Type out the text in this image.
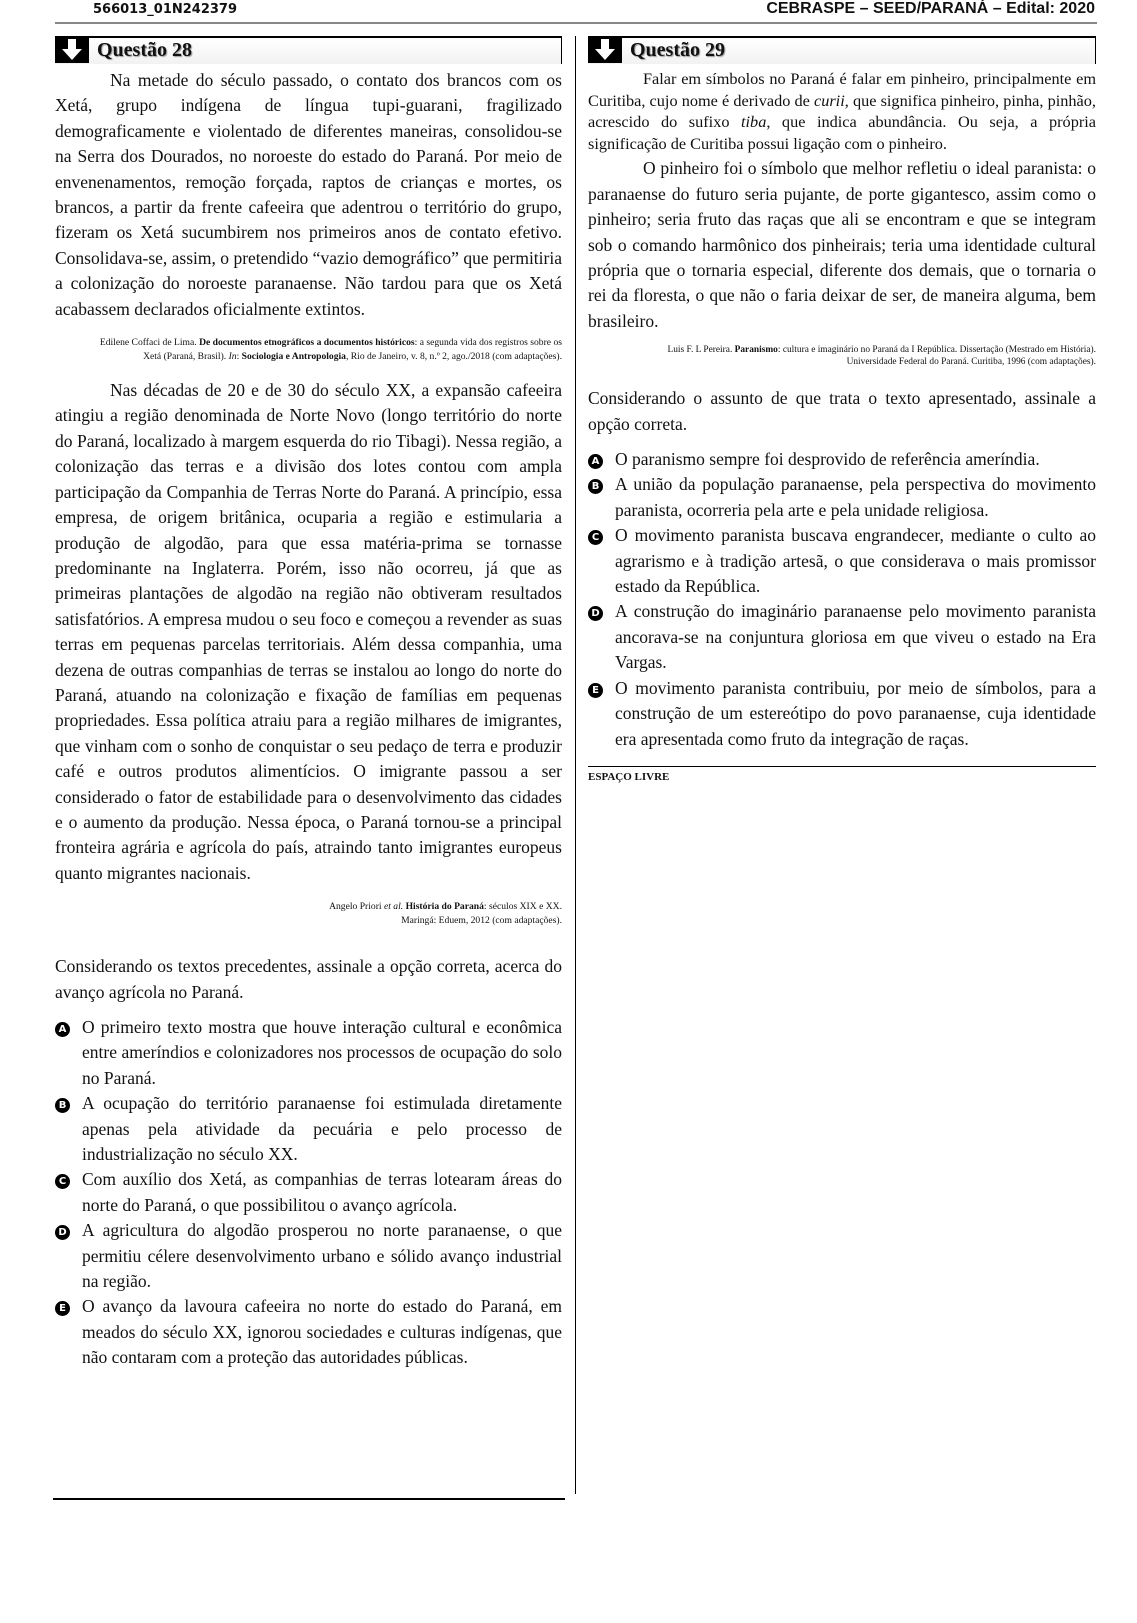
566013_01N242379	CEBRASPE – SEED/PARANÁ – Edital: 2020
Questão 28

Na metade do século passado, o contato dos brancos com os Xetá, grupo indígena de língua tupi-guarani, fragilizado demograficamente e violentado de diferentes maneiras, consolidou-se na Serra dos Dourados, no noroeste do estado do Paraná. Por meio de envenenamentos, remoção forçada, raptos de crianças e mortes, os brancos, a partir da frente cafeeira que adentrou o território do grupo, fizeram os Xetá sucumbirem nos primeiros anos de contato efetivo. Consolidava-se, assim, o pretendido “vazio demográfico” que permitiria a colonização do noroeste paranaense. Não tardou para que os Xetá acabassem declarados oficialmente extintos.

Edilene Coffaci de Lima. De documentos etnográficos a documentos históricos: a segunda vida dos registros sobre os Xetá (Paraná, Brasil). In: Sociologia e Antropologia, Rio de Janeiro, v. 8, n.º 2, ago./2018 (com adaptações).

Nas décadas de 20 e de 30 do século XX, a expansão cafeeira atingiu a região denominada de Norte Novo (longo território do norte do Paraná, localizado à margem esquerda do rio Tibagi). Nessa região, a colonização das terras e a divisão dos lotes contou com ampla participação da Companhia de Terras Norte do Paraná. A princípio, essa empresa, de origem britânica, ocuparia a região e estimularia a produção de algodão, para que essa matéria-prima se tornasse predominante na Inglaterra. Porém, isso não ocorreu, já que as primeiras plantações de algodão na região não obtiveram resultados satisfatórios. A empresa mudou o seu foco e começou a revender as suas terras em pequenas parcelas territoriais. Além dessa companhia, uma dezena de outras companhias de terras se instalou ao longo do norte do Paraná, atuando na colonização e fixação de famílias em pequenas propriedades. Essa política atraiu para a região milhares de imigrantes, que vinham com o sonho de conquistar o seu pedaço de terra e produzir café e outros produtos alimentícios. O imigrante passou a ser considerado o fator de estabilidade para o desenvolvimento das cidades e o aumento da produção. Nessa época, o Paraná tornou-se a principal fronteira agrária e agrícola do país, atraindo tanto imigrantes europeus quanto migrantes nacionais.

Angelo Priori et al. História do Paraná: séculos XIX e XX. Maringá: Eduem, 2012 (com adaptações).

Considerando os textos precedentes, assinale a opção correta, acerca do avanço agrícola no Paraná.

A O primeiro texto mostra que houve interação cultural e econômica entre ameríndios e colonizadores nos processos de ocupação do solo no Paraná.
B A ocupação do território paranaense foi estimulada diretamente apenas pela atividade da pecuária e pelo processo de industrialização no século XX.
C Com auxílio dos Xetá, as companhias de terras lotearam áreas do norte do Paraná, o que possibilitou o avanço agrícola.
D A agricultura do algodão prosperou no norte paranaense, o que permitiu célere desenvolvimento urbano e sólido avanço industrial na região.
E O avanço da lavoura cafeeira no norte do estado do Paraná, em meados do século XX, ignorou sociedades e culturas indígenas, que não contaram com a proteção das autoridades públicas.
Questão 29

Falar em símbolos no Paraná é falar em pinheiro, principalmente em Curitiba, cujo nome é derivado de curii, que significa pinheiro, pinha, pinhão, acrescido do sufixo tiba, que indica abundância. Ou seja, a própria significação de Curitiba possui ligação com o pinheiro.

O pinheiro foi o símbolo que melhor refletiu o ideal paranista: o paranaense do futuro seria pujante, de porte gigantesco, assim como o pinheiro; seria fruto das raças que ali se encontram e que se integram sob o comando harmônico dos pinheirais; teria uma identidade cultural própria que o tornaria especial, diferente dos demais, que o tornaria o rei da floresta, o que não o faria deixar de ser, de maneira alguma, bem brasileiro.

Luis F. L Pereira. Paranismo: cultura e imaginário no Paraná da I República. Dissertação (Mestrado em História). Universidade Federal do Paraná. Curitiba, 1996 (com adaptações).

Considerando o assunto de que trata o texto apresentado, assinale a opção correta.

A O paranismo sempre foi desprovido de referência ameríndia.
B A união da população paranaense, pela perspectiva do movimento paranista, ocorreria pela arte e pela unidade religiosa.
C O movimento paranista buscava engrandecer, mediante o culto ao agrarismo e à tradição artesã, o que considerava o mais promissor estado da República.
D A construção do imaginário paranaense pelo movimento paranista ancorava-se na conjuntura gloriosa em que viveu o estado na Era Vargas.
E O movimento paranista contribuiu, por meio de símbolos, para a construção de um estereótipo do povo paranaense, cuja identidade era apresentada como fruto da integração de raças.
ESPAÇO LIVRE
